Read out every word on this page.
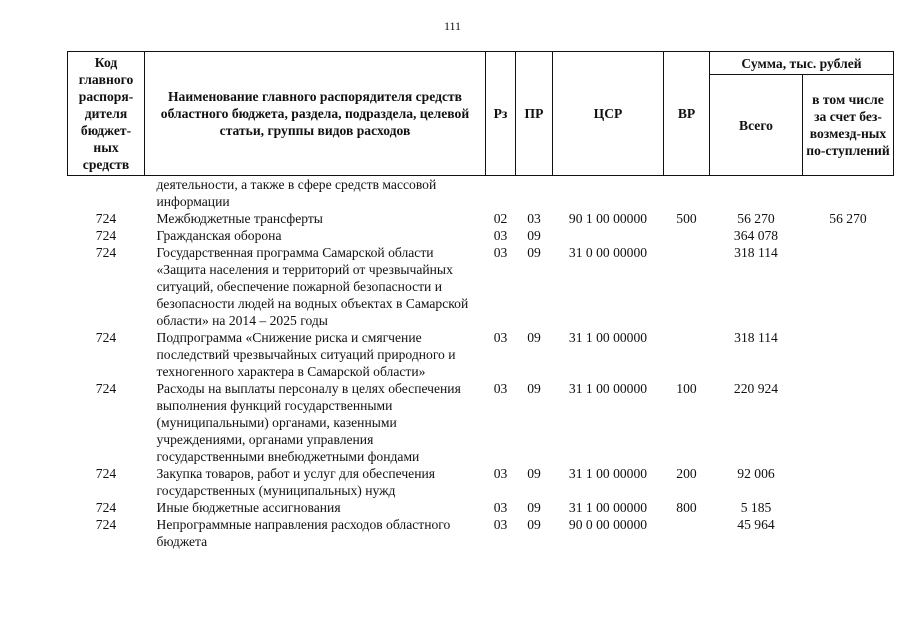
111
Код главного распоря-дителя бюджет-ных средств	Наименование главного распорядителя средств областного бюджета, раздела, подраздела, целевой статьи, группы видов расходов	Рз	ПР	ЦСР	ВР	Сумма, тыс. рублей	
						Всего	в том числе за счет без-возмезд-ных по-ступлений
	деятельности, а также в сфере средств массовой информации						
724	Межбюджетные трансферты	02	03	90 1 00 00000	500	56 270	56 270
724	Гражданская оборона	03	09			364 078	
724	Государственная программа Самарской области «Защита населения и территорий от чрезвычайных ситуаций, обеспечение пожарной безопасности и безопасности людей на водных объектах в Самарской области» на 2014 – 2025 годы	03	09	31 0 00 00000		318 114	
724	Подпрограмма «Снижение риска и смягчение последствий чрезвычайных ситуаций природного и техногенного характера в Самарской области»	03	09	31 1 00 00000		318 114	
724	Расходы на выплаты персоналу в целях обеспечения выполнения функций государственными (муниципальными) органами, казенными учреждениями, органами управления государственными внебюджетными фондами	03	09	31 1 00 00000	100	220 924	
724	Закупка товаров, работ и услуг для обеспечения государственных (муниципальных) нужд	03	09	31 1 00 00000	200	92 006	
724	Иные бюджетные ассигнования	03	09	31 1 00 00000	800	5 185	
724	Непрограммные направления расходов областного бюджета	03	09	90 0 00 00000		45 964	
